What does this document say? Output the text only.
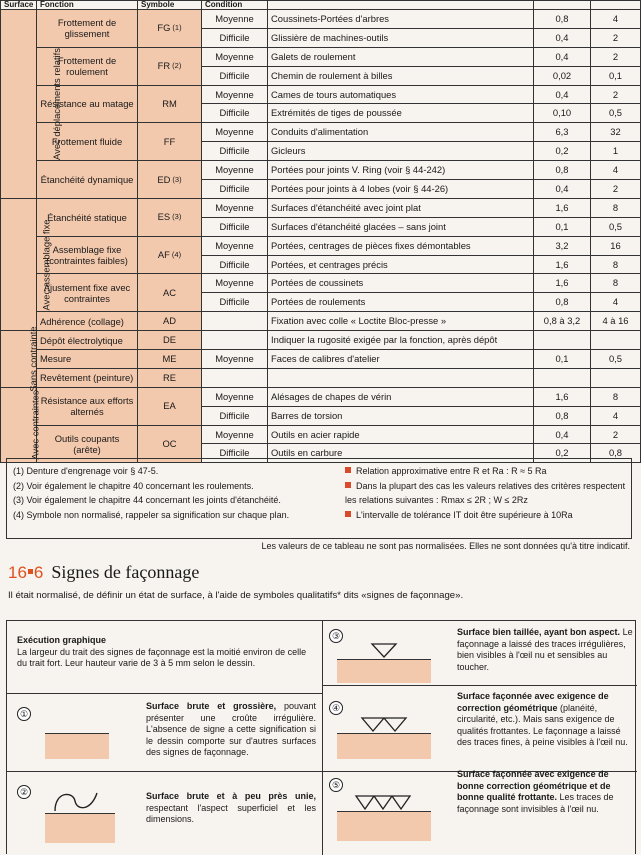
Surface	Fonction	Symbole	Condition			
Avec déplacements relatifs	Frottement de glissement	FG $^{(1)}$	Moyenne	Coussinets-Portées d'arbres	0,8	4
			Difficile	Glissière de machines-outils	0,4	2
	Frottement de roulement	FR $^{(2)}$	Moyenne	Galets de roulement	0,4	2
			Difficile	Chemin de roulement à billes	0,02	0,1
	Résistance au matage	RM	Moyenne	Cames de tours automatiques	0,4	2
			Difficile	Extrémités de tiges de poussée	0,10	0,5
	Frottement fluide	FF	Moyenne	Conduits d'alimentation	6,3	32
			Difficile	Gicleurs	0,2	1
	Étanchéité dynamique	ED $^{(3)}$	Moyenne	Portées pour joints V. Ring (voir § 44-242)	0,8	4
			Difficile	Portées pour joints à 4 lobes (voir § 44-26)	0,4	2
Avec assemblage fixe	Étanchéité statique	ES $^{(3)}$	Moyenne	Surfaces d'étanchéité avec joint plat	1,6	8
			Difficile	Surfaces d'étanchéité glacées – sans joint	0,1	0,5
	Assemblage fixe (contraintes faibles)	AF $^{(4)}$	Moyenne	Portées, centrages de pièces fixes démontables	3,2	16
			Difficile	Portées, et centrages précis	1,6	8
	Ajustement fixe avec contraintes	AC	Moyenne	Portées de coussinets	1,6	8
			Difficile	Portées de roulements	0,8	4
	Adhérence (collage)	AD		Fixation avec colle « Loctite Bloc-presse »	0,8 à 3,2	4 à 16
Sans contrainte	Dépôt électrolytique	DE		Indiquer la rugosité exigée par la fonction, après dépôt		
	Mesure	ME	Moyenne	Faces de calibres d'atelier	0,1	0,5
	Revêtement (peinture)	RE				
Avec contraintes	Résistance aux efforts alternés	EA	Moyenne	Alésages de chapes de vérin	1,6	8
			Difficile	Barres de torsion	0,8	4
	Outils coupants (arête)	OC	Moyenne	Outils en acier rapide	0,4	2
			Difficile	Outils en carbure	0,2	0,8
(1) Denture d'engrenage voir § 47-5.
(2) Voir également le chapitre 40 concernant les roulements.
(3) Voir également le chapitre 44 concernant les joints d'étanchéité.
(4) Symbole non normalisé, rappeler sa signification sur chaque plan.
Relation approximative entre R et Ra : R ≈ 5 Ra
Dans la plupart des cas les valeurs relatives des critères respectent les relations suivantes : Rmax ≤ 2R ; W ≤ 2Rz
L'intervalle de tolérance IT doit être supérieure à 10Ra
Les valeurs de ce tableau ne sont pas normalisées. Elles ne sont données qu'à titre indicatif.
16 6 Signes de façonnage
Il était normalisé, de définir un état de surface, à l'aide de symboles qualitatifs* dits «signes de façonnage».
Exécution graphique
La largeur du trait des signes de façonnage est la moitié environ de celle du trait fort. Leur hauteur varie de 3 à 5 mm selon le dessin.
①
Surface brute et grossière, pouvant présenter une croûte irrégulière. L'absence de signe a cette signification si le dessin comporte sur d'autres surfaces des signes de façonnage.
②	Surface brute et à peu près unie, respectant l'aspect superficiel et les dimensions.
③	Surface bien taillée, ayant bon aspect. Le façonnage a laissé des traces irrégulières, bien visibles à l'œil nu et sensibles au toucher.
④
Surface façonnée avec exigence de correction géométrique (planéité, circularité, etc.). Mais sans exigence de qualités frottantes. Le façonnage a laissé des traces fines, à peine visibles à l'œil nu.
⑤
Surface façonnée avec exigence de bonne correction géométrique et de bonne qualité frottante. Les traces de façonnage sont invisibles à l'œil nu.
